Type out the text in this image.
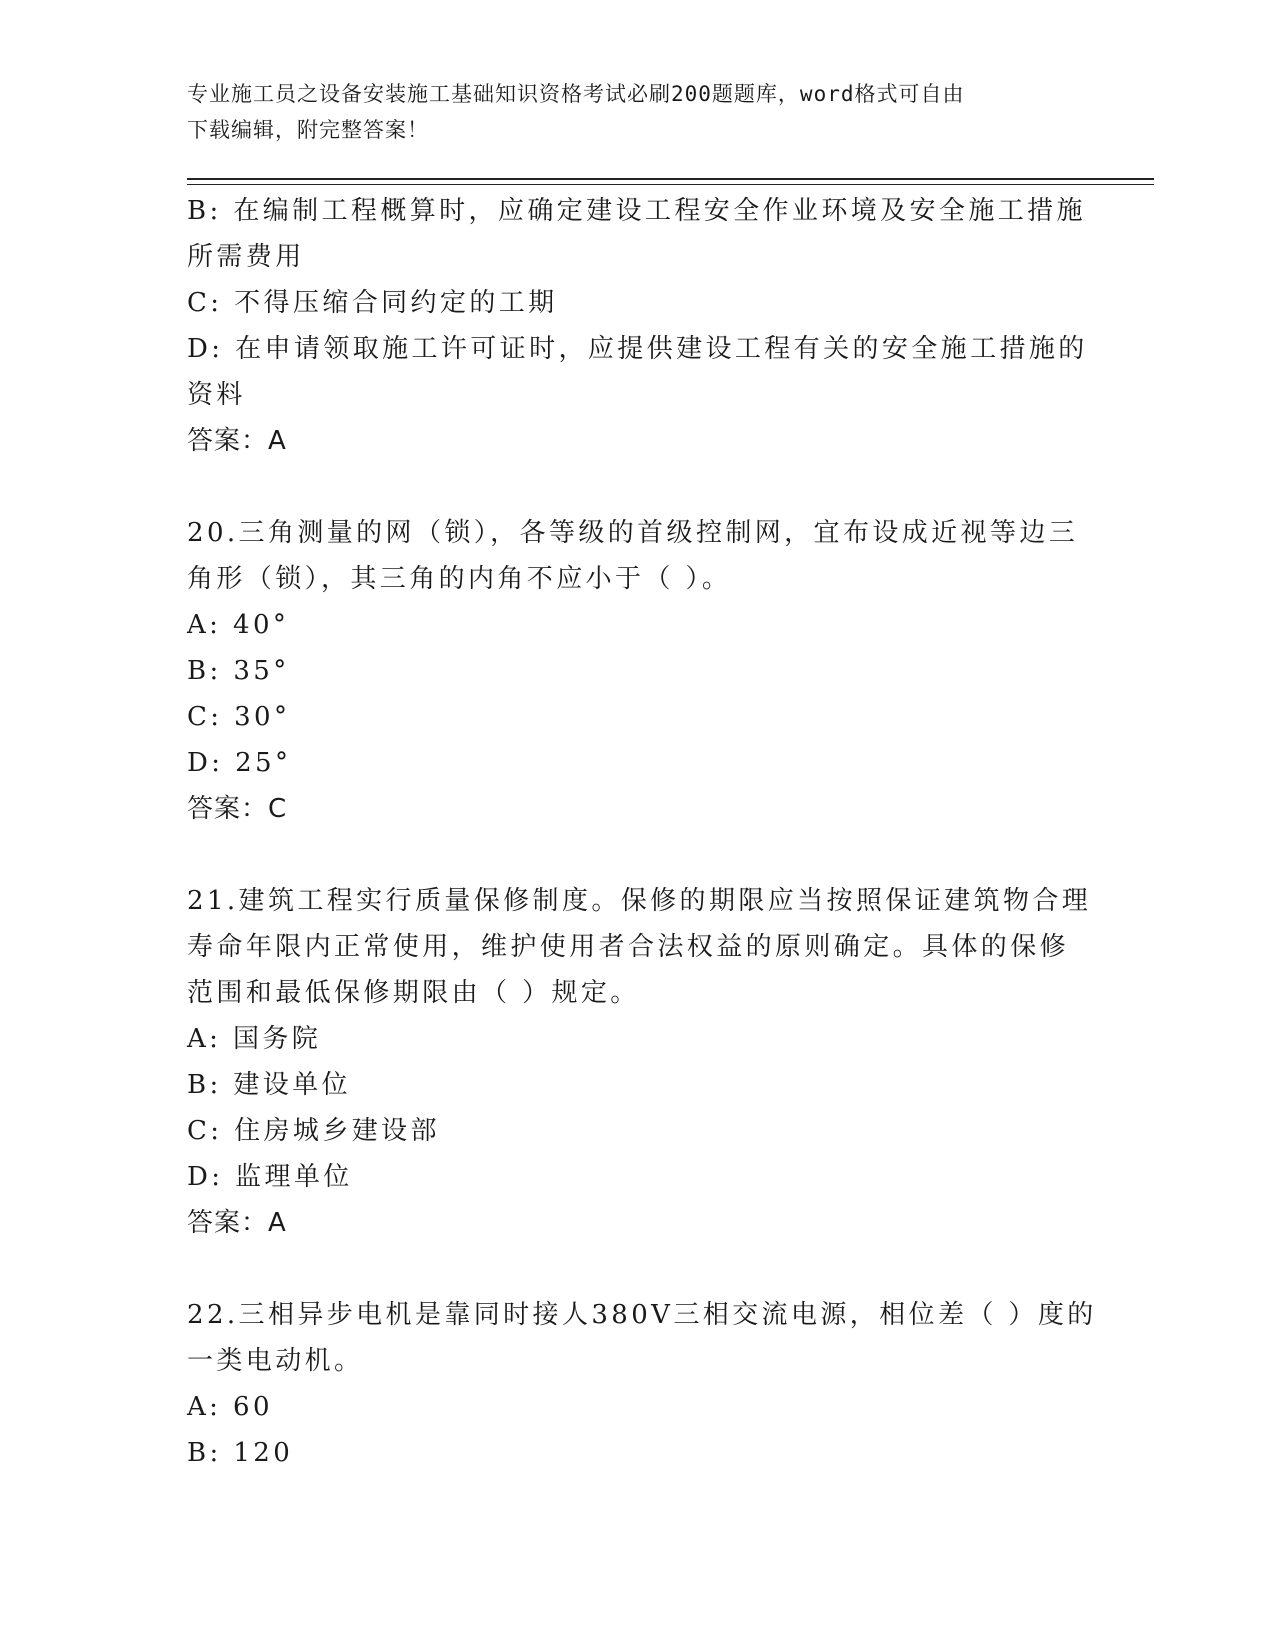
专业施工员之设备安装施工基础知识资格考试必刷200题题库，word格式可自由
下载编辑，附完整答案！
B: 在编制工程概算时，应确定建设工程安全作业环境及安全施工措施
所需费用
C: 不得压缩合同约定的工期
D: 在申请领取施工许可证时，应提供建设工程有关的安全施工措施的
资料
答案：A
20.三角测量的网（锁），各等级的首级控制网，宜布设成近视等边三
角形（锁），其三角的内角不应小于（ ）。
A: 40°
B: 35°
C: 30°
D: 25°
答案：C
21.建筑工程实行质量保修制度。保修的期限应当按照保证建筑物合理
寿命年限内正常使用，维护使用者合法权益的原则确定。具体的保修
范围和最低保修期限由（ ）规定。
A: 国务院
B: 建设单位
C: 住房城乡建设部
D: 监理单位
答案：A
22.三相异步电机是靠同时接人380V三相交流电源，相位差（ ）度的
一类电动机。
A: 60
B: 120
